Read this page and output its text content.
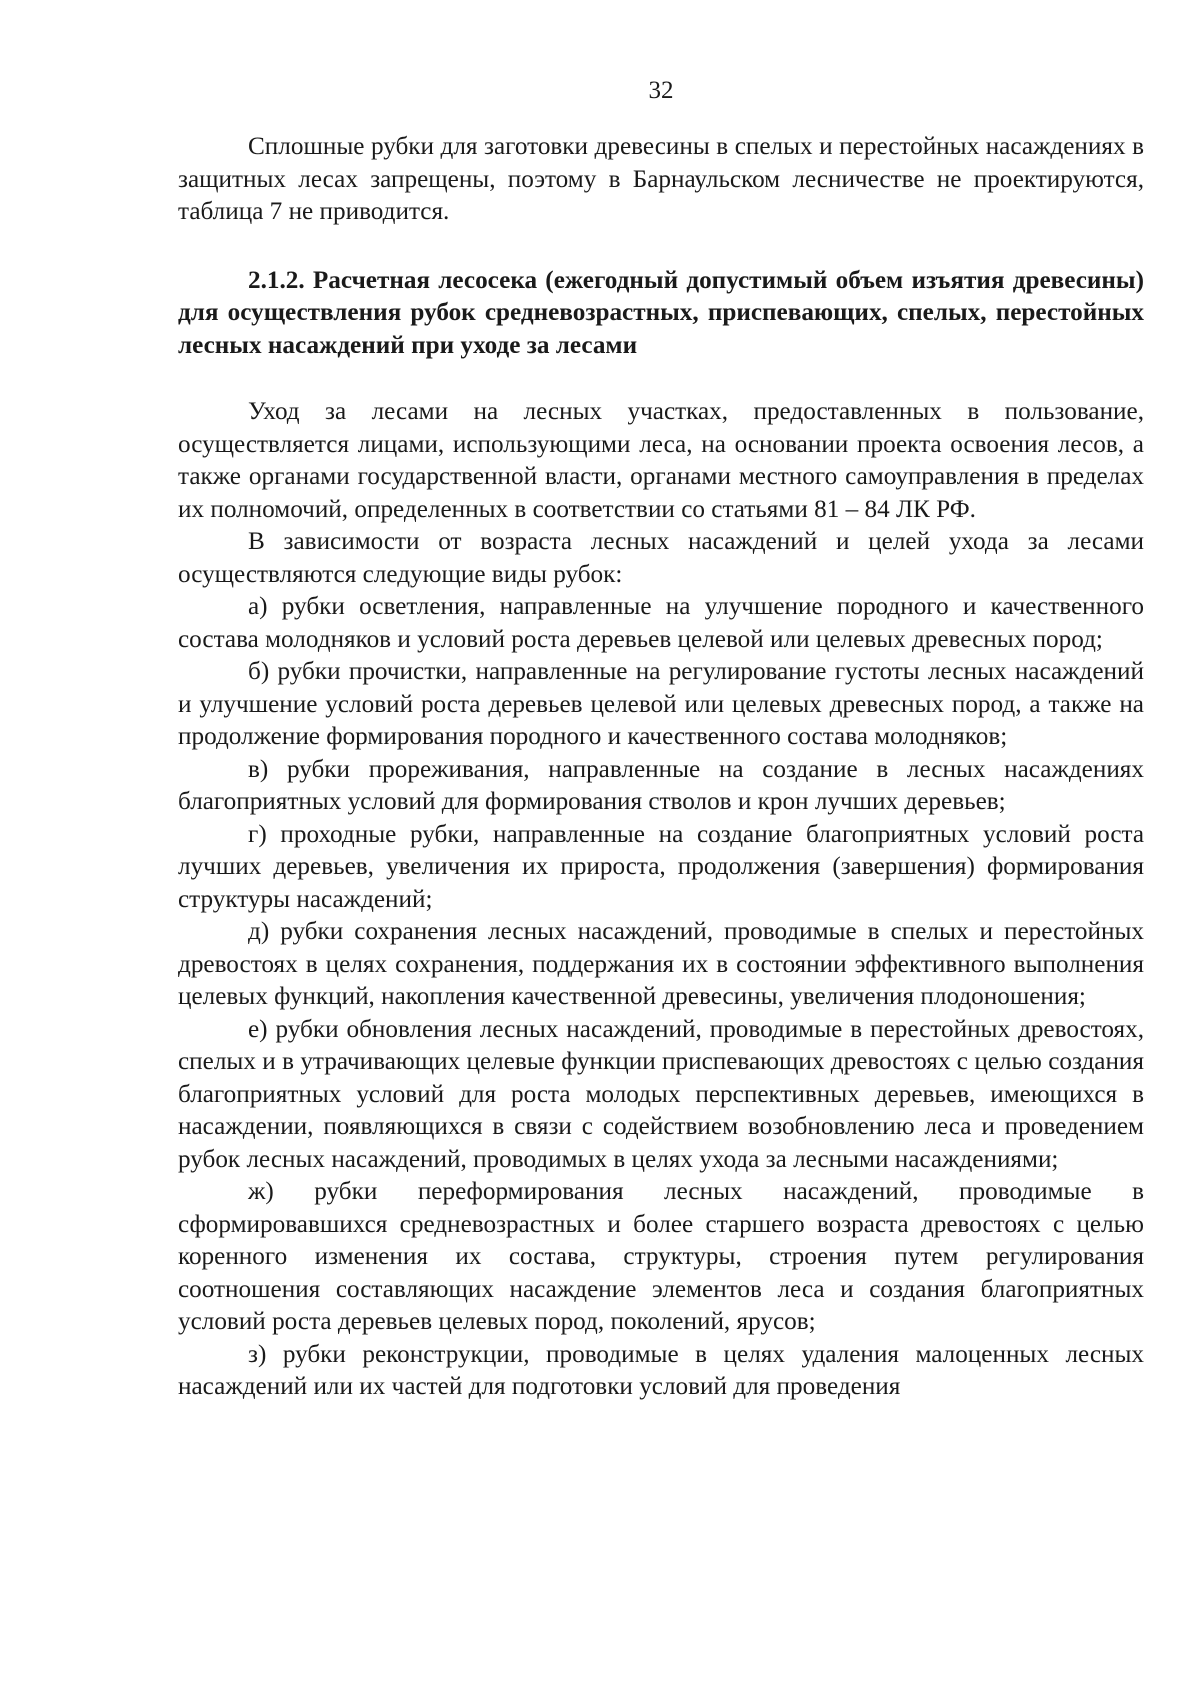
32

Сплошные рубки для заготовки древесины в спелых и перестойных насаждениях в защитных лесах запрещены, поэтому в Барнаульском лесничестве не проектируются, таблица 7 не приводится.

2.1.2. Расчетная лесосека (ежегодный допустимый объем изъятия древесины) для осуществления рубок средневозрастных, приспевающих, спелых, перестойных лесных насаждений при уходе за лесами

Уход за лесами на лесных участках, предоставленных в пользование, осуществляется лицами, использующими леса, на основании проекта освоения лесов, а также органами государственной власти, органами местного самоуправления в пределах их полномочий, определенных в соответствии со статьями 81 – 84 ЛК РФ.

В зависимости от возраста лесных насаждений и целей ухода за лесами осуществляются следующие виды рубок:

а) рубки осветления, направленные на улучшение породного и качественного состава молодняков и условий роста деревьев целевой или целевых древесных пород;

б) рубки прочистки, направленные на регулирование густоты лесных насаждений и улучшение условий роста деревьев целевой или целевых древесных пород, а также на продолжение формирования породного и качественного состава молодняков;

в) рубки прореживания, направленные на создание в лесных насаждениях благоприятных условий для формирования стволов и крон лучших деревьев;

г) проходные рубки, направленные на создание благоприятных условий роста лучших деревьев, увеличения их прироста, продолжения (завершения) формирования структуры насаждений;

д) рубки сохранения лесных насаждений, проводимые в спелых и перестойных древостоях в целях сохранения, поддержания их в состоянии эффективного выполнения целевых функций, накопления качественной древесины, увеличения плодоношения;

е) рубки обновления лесных насаждений, проводимые в перестойных древостоях, спелых и в утрачивающих целевые функции приспевающих древостоях с целью создания благоприятных условий для роста молодых перспективных деревьев, имеющихся в насаждении, появляющихся в связи с содействием возобновлению леса и проведением рубок лесных насаждений, проводимых в целях ухода за лесными насаждениями;

ж) рубки переформирования лесных насаждений, проводимые в сформировавшихся средневозрастных и более старшего возраста древостоях с целью коренного изменения их состава, структуры, строения путем регулирования соотношения составляющих насаждение элементов леса и создания благоприятных условий роста деревьев целевых пород, поколений, ярусов;

з) рубки реконструкции, проводимые в целях удаления малоценных лесных насаждений или их частей для подготовки условий для проведения
